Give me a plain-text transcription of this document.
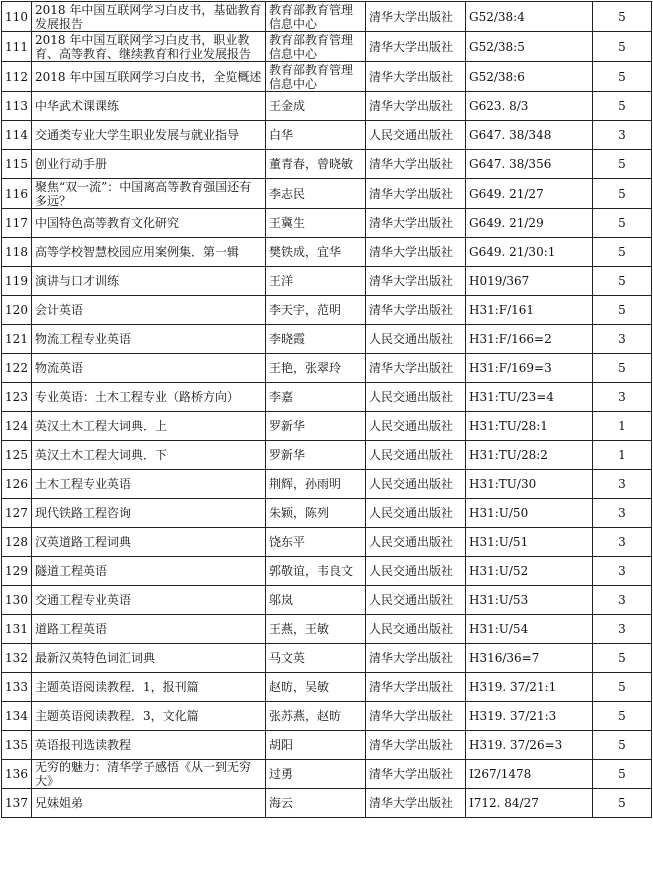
110	2018 年中国互联网学习白皮书，基础教育发展报告	教育部教育管理信息中心	清华大学出版社	G52/38:4	5
111	2018 年中国互联网学习白皮书，职业教育、高等教育、继续教育和行业发展报告	教育部教育管理信息中心	清华大学出版社	G52/38:5	5
112	2018 年中国互联网学习白皮书，全览概述	教育部教育管理信息中心	清华大学出版社	G52/38:6	5
113	中华武术课课练	王金成	清华大学出版社	G623. 8/3	5
114	交通类专业大学生职业发展与就业指导	白华	人民交通出版社	G647. 38/348	3
115	创业行动手册	董青春，曾晓敏	清华大学出版社	G647. 38/356	5
116	聚焦“双一流”：中国离高等教育强国还有多远？	李志民	清华大学出版社	G649. 21/27	5
117	中国特色高等教育文化研究	王冀生	清华大学出版社	G649. 21/29	5
118	高等学校智慧校园应用案例集．第一辑	樊铁成，宜华	清华大学出版社	G649. 21/30:1	5
119	演讲与口才训练	王洋	清华大学出版社	H019/367	5
120	会计英语	李天宇，范明	清华大学出版社	H31:F/161	5
121	物流工程专业英语	李晓霞	人民交通出版社	H31:F/166=2	3
122	物流英语	王艳，张翠玲	清华大学出版社	H31:F/169=3	5
123	专业英语：土木工程专业（路桥方向）	李嘉	人民交通出版社	H31:TU/23=4	3
124	英汉土木工程大词典．上	罗新华	人民交通出版社	H31:TU/28:1	1
125	英汉土木工程大词典．下	罗新华	人民交通出版社	H31:TU/28:2	1
126	土木工程专业英语	荆辉，孙雨明	人民交通出版社	H31:TU/30	3
127	现代铁路工程咨询	朱颖，陈列	人民交通出版社	H31:U/50	3
128	汉英道路工程词典	饶东平	人民交通出版社	H31:U/51	3
129	隧道工程英语	郭敬谊，韦良文	人民交通出版社	H31:U/52	3
130	交通工程专业英语	邬岚	人民交通出版社	H31:U/53	3
131	道路工程英语	王燕，王敏	人民交通出版社	H31:U/54	3
132	最新汉英特色词汇词典	马文英	清华大学出版社	H316/36=7	5
133	主题英语阅读教程．1，报刊篇	赵昉，吴敏	清华大学出版社	H319. 37/21:1	5
134	主题英语阅读教程．3，文化篇	张苏燕，赵昉	清华大学出版社	H319. 37/21:3	5
135	英语报刊选读教程	胡阳	清华大学出版社	H319. 37/26=3	5
136	无穷的魅力：清华学子感悟《从一到无穷大》	过勇	清华大学出版社	I267/1478	5
137	兄妹姐弟	海云	清华大学出版社	I712. 84/27	5
